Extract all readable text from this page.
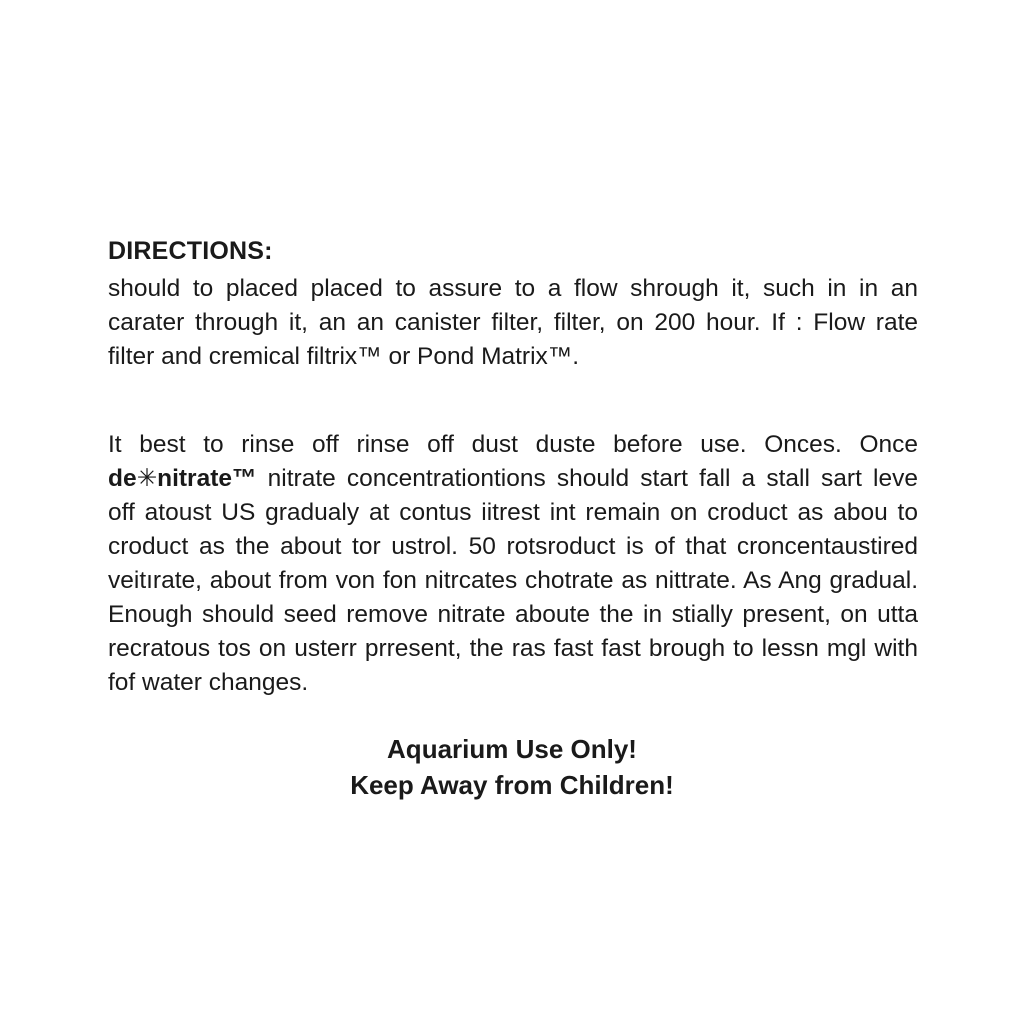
DIRECTIONS:

should to placed placed to assure to a flow shrough it, such in in an
carater through it, an an canister filter, filter, on 200 hour. If : Flow rate
filter and cremical filtrix™ or Pond Matrix™.

It best to rinse off rinse off dust duste before use. Onces. Once
de✳nitrate™ nitrate concentrationtions should start fall a stall sart leve
off atoust US gradualy at contus iitrest int remain on croduct as abou to
croduct as the about tor ustrol. 50 rotsroduct is of that croncentaustired
veitırate, about from von fon nitrcates chotrate as nittrate. As Ang gradual.
Enough should seed remove nitrate aboute the in stially present, on utta
recratous tos on usterr prresent, the ras fast fast brough to lessn mgl with
fof water changes.

Aquarium Use Only!
Keep Away from Children!
